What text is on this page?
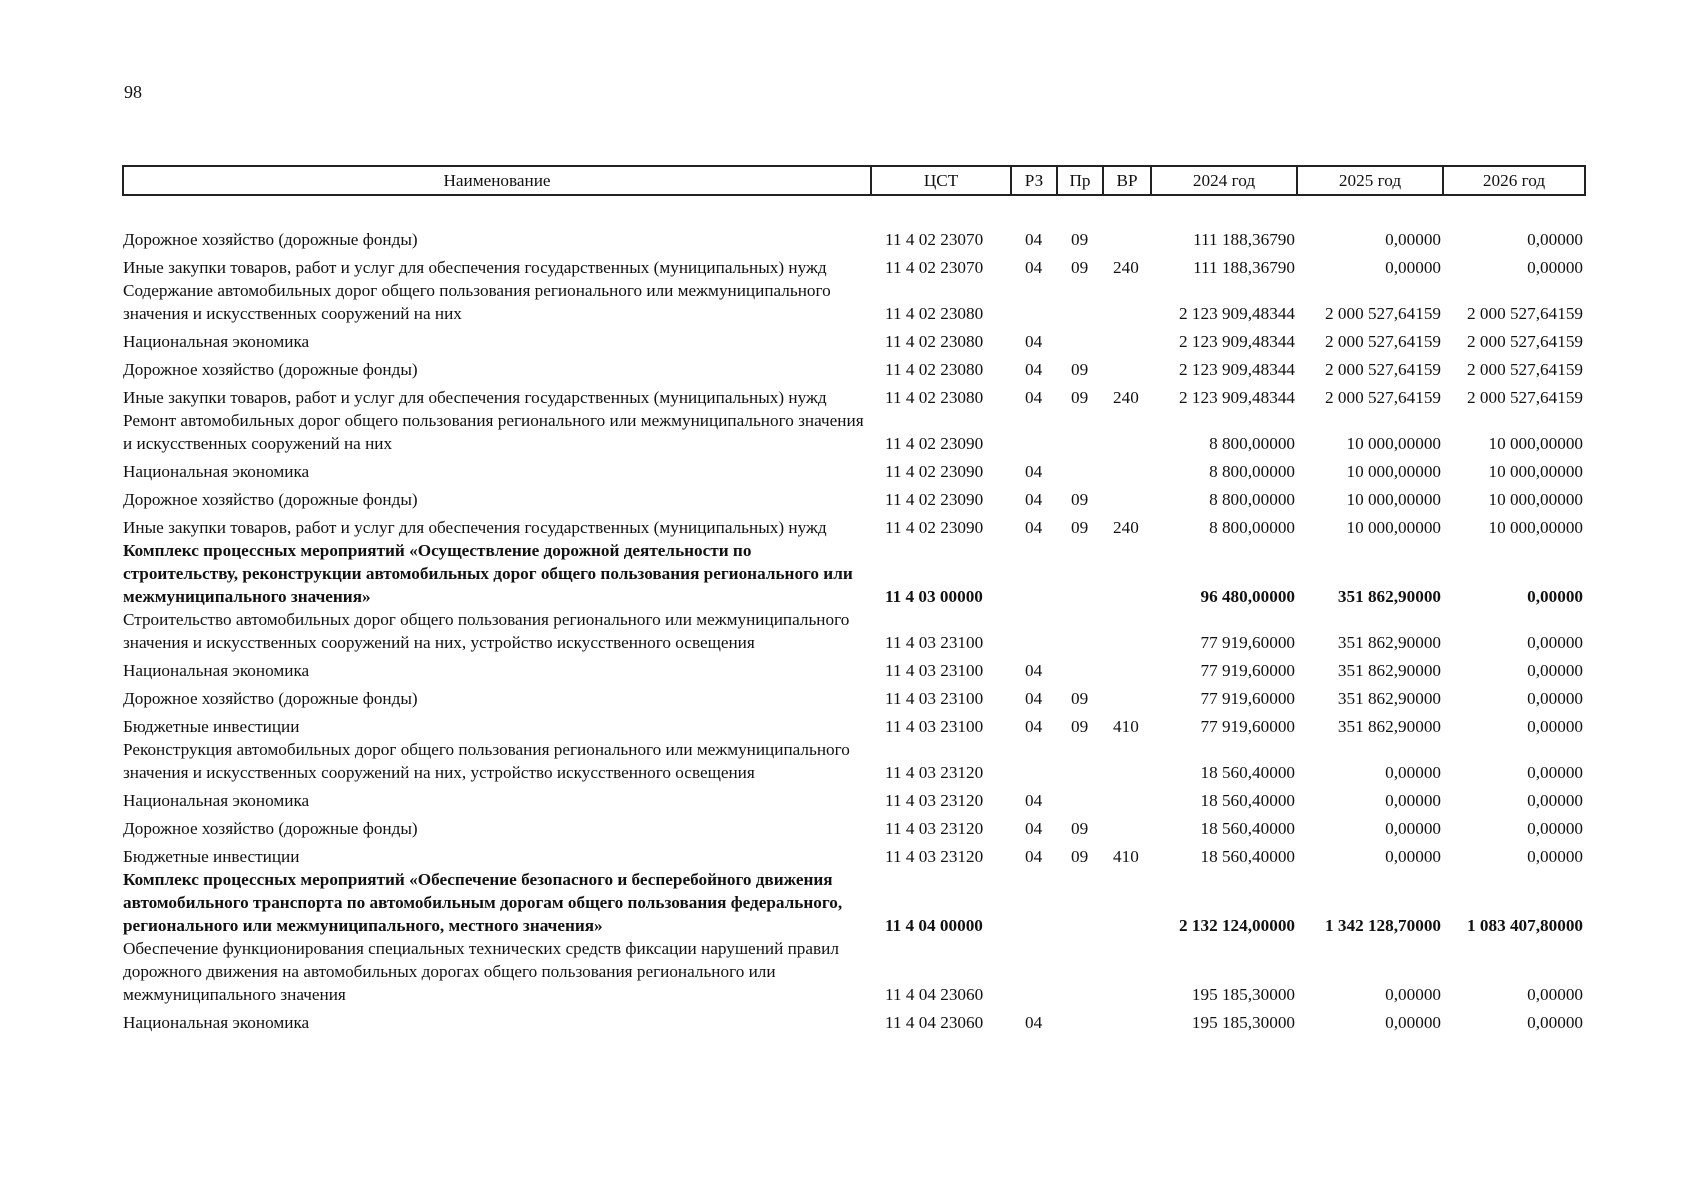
98
Наименование	ЦСТ	РЗ	Пр	ВР	2024 год	2025 год	2026 год

Дорожное хозяйство (дорожные фонды)	11 4 02 23070	04	09		111 188,36790	0,00000	0,00000
Иные закупки товаров, работ и услуг для обеспечения государственных (муниципальных) нужд	11 4 02 23070	04	09	240	111 188,36790	0,00000	0,00000
Содержание автомобильных дорог общего пользования регионального или межмуниципального значения и искусственных сооружений на них	11 4 02 23080				2 123 909,48344	2 000 527,64159	2 000 527,64159
Национальная экономика	11 4 02 23080	04			2 123 909,48344	2 000 527,64159	2 000 527,64159
Дорожное хозяйство (дорожные фонды)	11 4 02 23080	04	09		2 123 909,48344	2 000 527,64159	2 000 527,64159
Иные закупки товаров, работ и услуг для обеспечения государственных (муниципальных) нужд	11 4 02 23080	04	09	240	2 123 909,48344	2 000 527,64159	2 000 527,64159
Ремонт автомобильных дорог общего пользования регионального или межмуниципального значения и искусственных сооружений на них	11 4 02 23090				8 800,00000	10 000,00000	10 000,00000
Национальная экономика	11 4 02 23090	04			8 800,00000	10 000,00000	10 000,00000
Дорожное хозяйство (дорожные фонды)	11 4 02 23090	04	09		8 800,00000	10 000,00000	10 000,00000
Иные закупки товаров, работ и услуг для обеспечения государственных (муниципальных) нужд	11 4 02 23090	04	09	240	8 800,00000	10 000,00000	10 000,00000
Комплекс процессных мероприятий «Осуществление дорожной деятельности по строительству, реконструкции автомобильных дорог общего пользования регионального или межмуниципального значения»	11 4 03 00000				96 480,00000	351 862,90000	0,00000
Строительство автомобильных дорог общего пользования регионального или межмуниципального значения и искусственных сооружений на них, устройство искусственного освещения	11 4 03 23100				77 919,60000	351 862,90000	0,00000
Национальная экономика	11 4 03 23100	04			77 919,60000	351 862,90000	0,00000
Дорожное хозяйство (дорожные фонды)	11 4 03 23100	04	09		77 919,60000	351 862,90000	0,00000
Бюджетные инвестиции	11 4 03 23100	04	09	410	77 919,60000	351 862,90000	0,00000
Реконструкция автомобильных дорог общего пользования регионального или межмуниципального значения и искусственных сооружений на них, устройство искусственного освещения	11 4 03 23120				18 560,40000	0,00000	0,00000
Национальная экономика	11 4 03 23120	04			18 560,40000	0,00000	0,00000
Дорожное хозяйство (дорожные фонды)	11 4 03 23120	04	09		18 560,40000	0,00000	0,00000
Бюджетные инвестиции	11 4 03 23120	04	09	410	18 560,40000	0,00000	0,00000
Комплекс процессных мероприятий «Обеспечение безопасного и бесперебойного движения автомобильного транспорта по автомобильным дорогам общего пользования федерального, регионального или межмуниципального, местного значения»	11 4 04 00000				2 132 124,00000	1 342 128,70000	1 083 407,80000
Обеспечение функционирования специальных технических средств фиксации нарушений правил дорожного движения на автомобильных дорогах общего пользования регионального или межмуниципального значения	11 4 04 23060				195 185,30000	0,00000	0,00000
Национальная экономика	11 4 04 23060	04			195 185,30000	0,00000	0,00000
